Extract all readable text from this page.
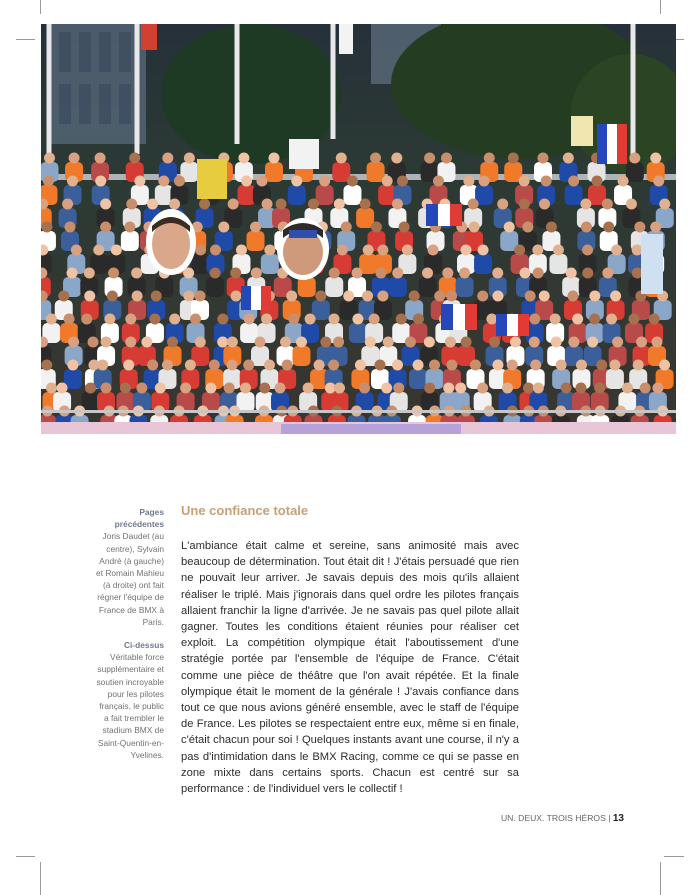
Pages précédentes
Joris Daudet (au centre), Sylvain André (à gauche) et Romain Mahieu (à droite) ont fait régner l'équipe de France de BMX à Paris.
Ci-dessus
Véritable force supplémentaire et soutien incroyable pour les pilotes français, le public a fait trembler le stadium BMX de Saint-Quentin-en-Yvelines.
Une confiance totale

L'ambiance était calme et sereine, sans animosité mais avec beaucoup de détermination. Tout était dit ! J'étais persuadé que rien ne pouvait leur arriver. Je savais depuis des mois qu'ils allaient réaliser le triplé. Mais j'ignorais dans quel ordre les pilotes français allaient franchir la ligne d'arrivée. Je ne savais pas quel pilote allait gagner. Toutes les conditions étaient réunies pour réaliser cet exploit. La compétition olympique était l'aboutissement d'une stratégie portée par l'ensemble de l'équipe de France. C'était comme une pièce de théâtre que l'on avait répétée. Et la finale olympique était le moment de la générale ! J'avais confiance dans tout ce que nous avions généré ensemble, avec le staff de l'équipe de France. Les pilotes se respectaient entre eux, même si en finale, c'était chacun pour soi ! Quelques instants avant une course, il n'y a pas d'intimidation dans le BMX Racing, comme ce qui se passe en zone mixte dans certains sports. Chacun est centré sur sa performance : de l'individuel vers le collectif !

UN. DEUX. TROIS HÉROS | 13
